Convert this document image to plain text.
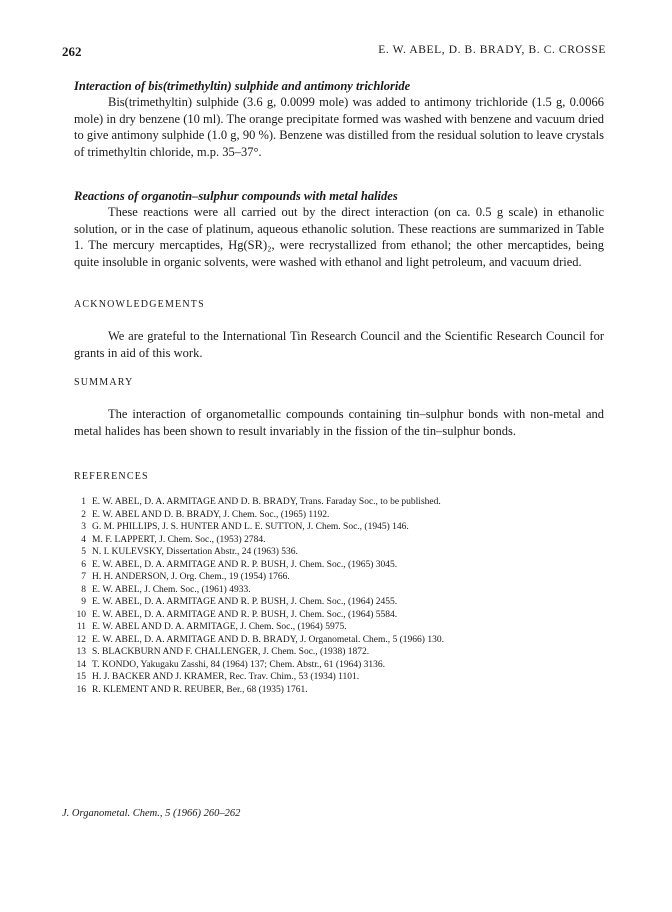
262	E. W. ABEL, D. B. BRADY, B. C. CROSSE
Interaction of bis(trimethyltin) sulphide and antimony trichloride
Bis(trimethyltin) sulphide (3.6 g, 0.0099 mole) was added to antimony trichloride (1.5 g, 0.0066 mole) in dry benzene (10 ml). The orange precipitate formed was washed with benzene and vacuum dried to give antimony sulphide (1.0 g, 90 %). Benzene was distilled from the residual solution to leave crystals of trimethyltin chloride, m.p. 35–37°.
Reactions of organotin–sulphur compounds with metal halides
These reactions were all carried out by the direct interaction (on ca. 0.5 g scale) in ethanolic solution, or in the case of platinum, aqueous ethanolic solution. These reactions are summarized in Table 1. The mercury mercaptides, Hg(SR)₂, were recrystallized from ethanol; the other mercaptides, being quite insoluble in organic solvents, were washed with ethanol and light petroleum, and vacuum dried.
ACKNOWLEDGEMENTS
We are grateful to the International Tin Research Council and the Scientific Research Council for grants in aid of this work.
SUMMARY
The interaction of organometallic compounds containing tin–sulphur bonds with non-metal and metal halides has been shown to result invariably in the fission of the tin–sulphur bonds.
REFERENCES
1 E. W. ABEL, D. A. ARMITAGE AND D. B. BRADY, Trans. Faraday Soc., to be published.
2 E. W. ABEL AND D. B. BRADY, J. Chem. Soc., (1965) 1192.
3 G. M. PHILLIPS, J. S. HUNTER AND L. E. SUTTON, J. Chem. Soc., (1945) 146.
4 M. F. LAPPERT, J. Chem. Soc., (1953) 2784.
5 N. I. KULEVSKY, Dissertation Abstr., 24 (1963) 536.
6 E. W. ABEL, D. A. ARMITAGE AND R. P. BUSH, J. Chem. Soc., (1965) 3045.
7 H. H. ANDERSON, J. Org. Chem., 19 (1954) 1766.
8 E. W. ABEL, J. Chem. Soc., (1961) 4933.
9 E. W. ABEL, D. A. ARMITAGE AND R. P. BUSH, J. Chem. Soc., (1964) 2455.
10 E. W. ABEL, D. A. ARMITAGE AND R. P. BUSH, J. Chem. Soc., (1964) 5584.
11 E. W. ABEL AND D. A. ARMITAGE, J. Chem. Soc., (1964) 5975.
12 E. W. ABEL, D. A. ARMITAGE AND D. B. BRADY, J. Organometal. Chem., 5 (1966) 130.
13 S. BLACKBURN AND F. CHALLENGER, J. Chem. Soc., (1938) 1872.
14 T. KONDO, Yakugaku Zasshi, 84 (1964) 137; Chem. Abstr., 61 (1964) 3136.
15 H. J. BACKER AND J. KRAMER, Rec. Trav. Chim., 53 (1934) 1101.
16 R. KLEMENT AND R. REUBER, Ber., 68 (1935) 1761.
J. Organometal. Chem., 5 (1966) 260–262
